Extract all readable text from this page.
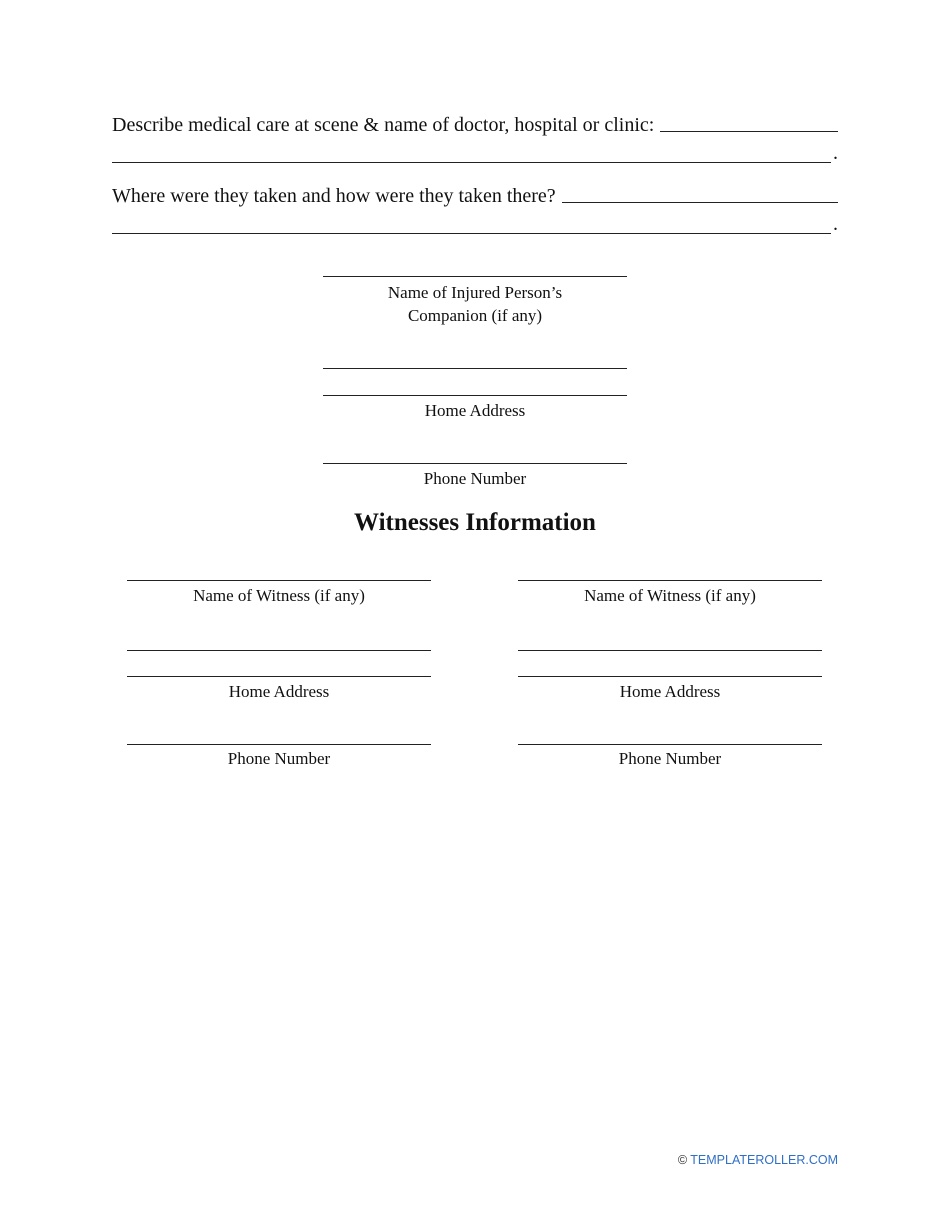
Describe medical care at scene & name of doctor, hospital or clinic:
.
Where were they taken and how were they taken there?
.
Name of Injured Person’s
Companion (if any)
Home Address
Phone Number
Witnesses Information
Name of Witness (if any)
Home Address
Phone Number
Name of Witness (if any)
Home Address
Phone Number
© TEMPLATEROLLER.COM
